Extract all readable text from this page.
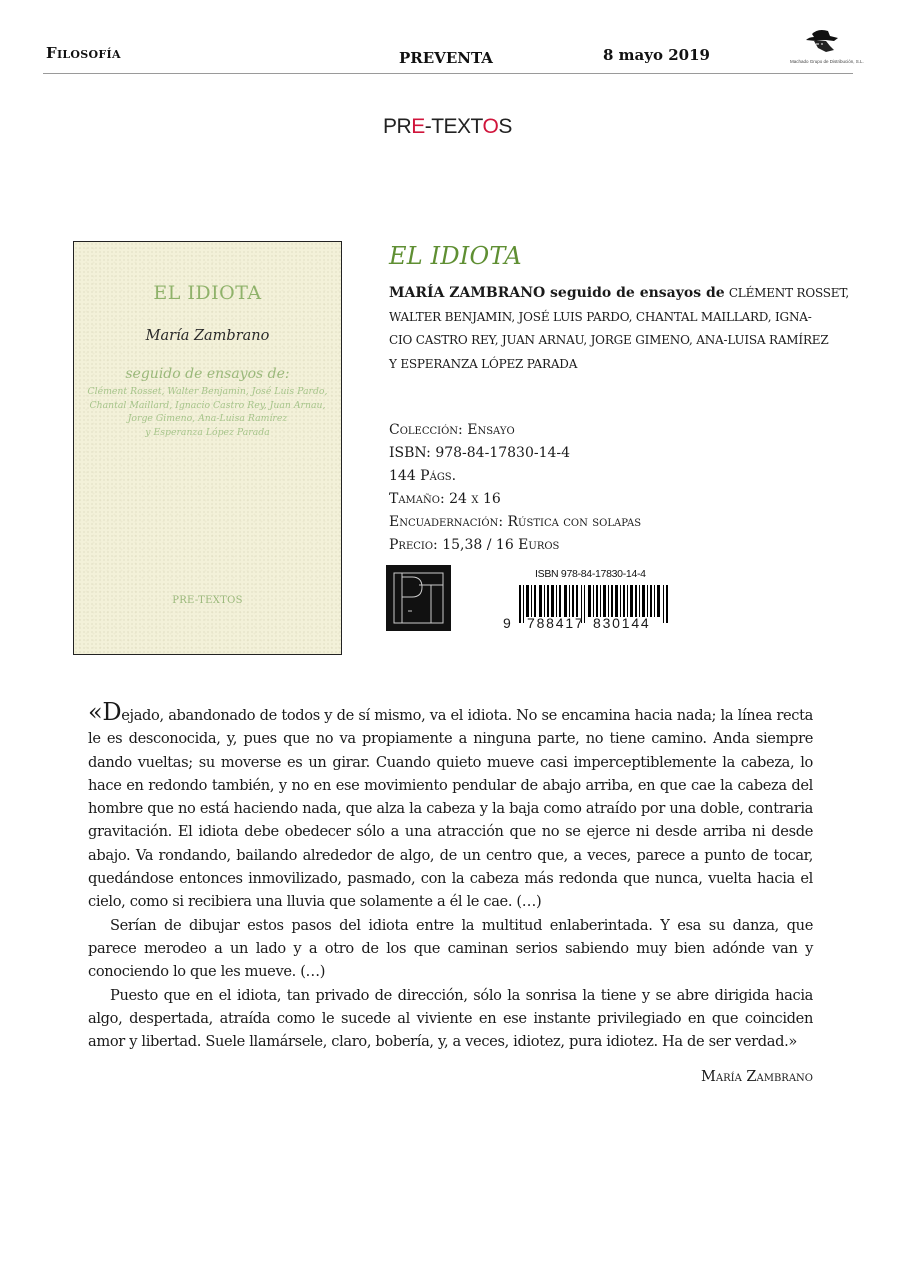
Filosofía	PREVENTA	8 mayo 2019	Machado Grupo de Distribución, S.L.
PRE-TEXTOS
EL IDIOTA
María Zambrano
seguido de ensayos de:
Clément Rosset, Walter Benjamin, José Luis Pardo,
Chantal Maillard, Ignacio Castro Rey, Juan Arnau,
Jorge Gimeno, Ana-Luisa Ramírez
y Esperanza López Parada
PRE-TEXTOS
EL IDIOTA
MARÍA ZAMBRANO seguido de ensayos de CLÉMENT ROSSET,
WALTER BENJAMIN, JOSÉ LUIS PARDO, CHANTAL MAILLARD, IGNA-
CIO CASTRO REY, JUAN ARNAU, JORGE GIMENO, ANA-LUISA RAMÍREZ
Y ESPERANZA LÓPEZ PARADA
Colección: Ensayo
ISBN: 978-84-17830-14-4
144 Págs.
Tamaño: 24 x 16
Encuadernación: Rústica con solapas
Precio: 15,38 / 16 Euros
ISBN 978-84-17830-14-4
9 788417 830144

«Dejado, abandonado de todos y de sí mismo, va el idiota. No se encamina hacia nada; la línea recta le es desconocida, y, pues que no va propiamente a ninguna parte, no tiene camino. Anda siempre dando vueltas; su moverse es un girar. Cuando quieto mueve casi imperceptiblemente la cabeza, lo hace en redondo también, y no en ese movimiento pendular de abajo arriba, en que cae la cabeza del hombre que no está haciendo nada, que alza la cabeza y la baja como atraído por una doble, contraria gravitación. El idiota debe obedecer sólo a una atracción que no se ejerce ni desde arriba ni desde abajo. Va rondando, bailando alrededor de algo, de un centro que, a veces, parece a punto de tocar, quedándose entonces inmovilizado, pasmado, con la cabeza más redonda que nunca, vuelta hacia el cielo, como si recibiera una lluvia que solamente a él le cae. (…)

Serían de dibujar estos pasos del idiota entre la multitud enlaberintada. Y esa su danza, que parece merodeo a un lado y a otro de los que caminan serios sabiendo muy bien adónde van y conociendo lo que les mueve. (…)

Puesto que en el idiota, tan privado de dirección, sólo la sonrisa la tiene y se abre dirigida hacia algo, despertada, atraída como le sucede al viviente en ese instante privilegiado en que coinciden amor y libertad. Suele llamársele, claro, bobería, y, a veces, idiotez, pura idiotez. Ha de ser verdad.»

María Zambrano
